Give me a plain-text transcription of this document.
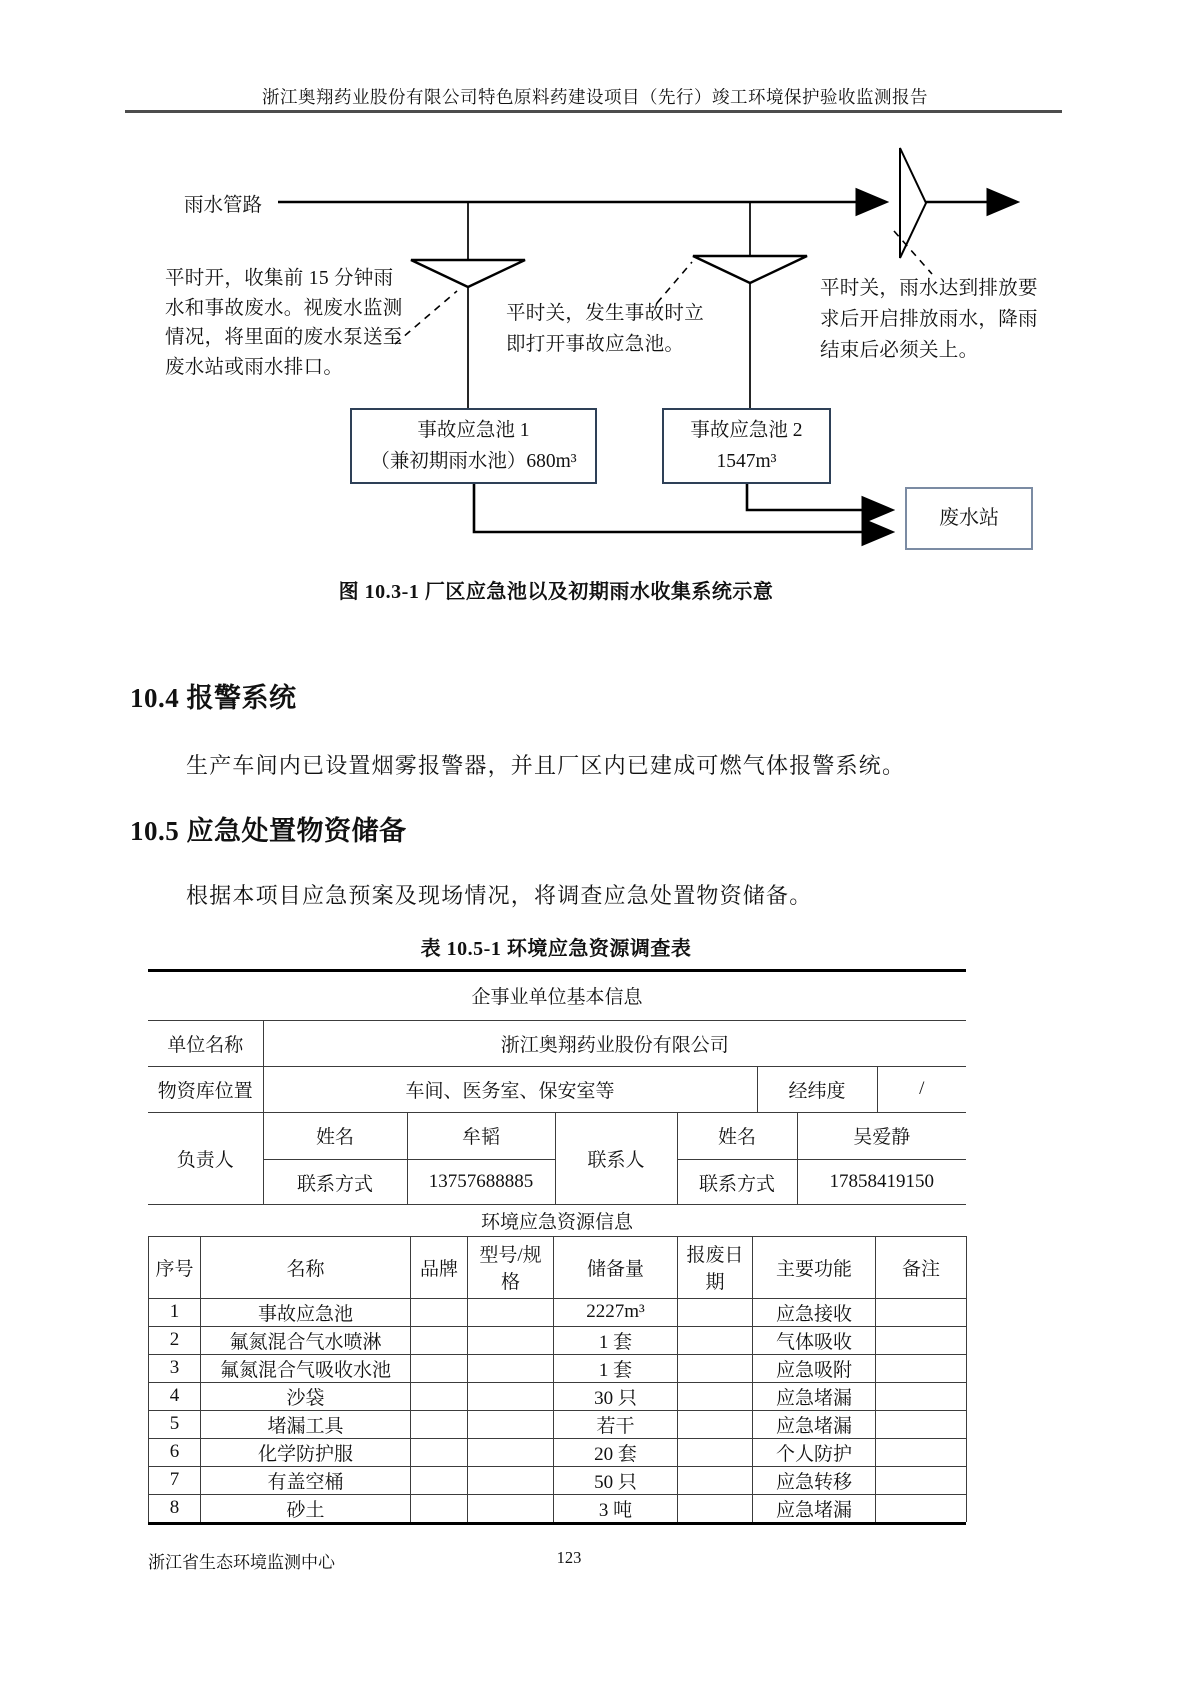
浙江奥翔药业股份有限公司特色原料药建设项目（先行）竣工环境保护验收监测报告
雨水管路
平时开，收集前 15 分钟雨水和事故废水。视废水监测情况，将里面的废水泵送至废水站或雨水排口。
平时关，发生事故时立即打开事故应急池。
平时关，雨水达到排放要求后开启排放雨水，降雨结束后必须关上。
事故应急池 1
（兼初期雨水池）680m³
事故应急池 2
1547m³
废水站
图 10.3-1 厂区应急池以及初期雨水收集系统示意
10.4 报警系统
生产车间内已设置烟雾报警器，并且厂区内已建成可燃气体报警系统。
10.5 应急处置物资储备
根据本项目应急预案及现场情况，将调查应急处置物资储备。
表 10.5-1 环境应急资源调查表
企事业单位基本信息			
单位名称	浙江奥翔药业股份有限公司		
物资库位置	车间、医务室、保安室等	经纬度	/
负责人	姓名	牟韬	联系人	姓名	吴爱静
	联系方式	13757688885		联系方式	17858419150
环境应急资源信息					
序号	名称	品牌	型号/规格	储备量	报废日期	主要功能	备注
1	事故应急池			2227m³		应急接收	
2	氟氮混合气水喷淋			1 套		气体吸收	
3	氟氮混合气吸收水池			1 套		应急吸附	
4	沙袋			30 只		应急堵漏	
5	堵漏工具			若干		应急堵漏	
6	化学防护服			20 套		个人防护	
7	有盖空桶			50 只		应急转移	
8	砂土			3 吨		应急堵漏	
浙江省生态环境监测中心	123
